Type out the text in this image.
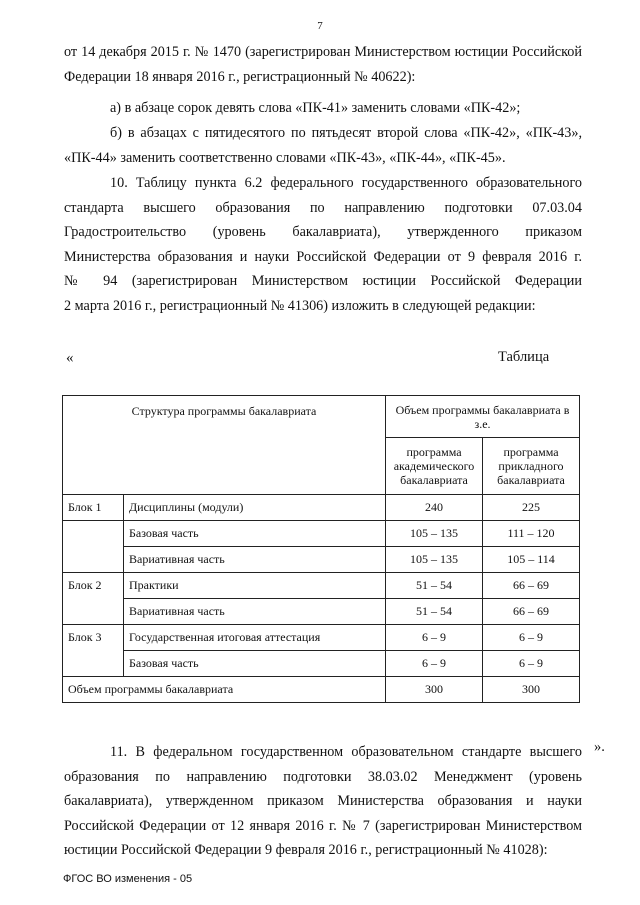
7
от 14 декабря 2015 г. № 1470 (зарегистрирован Министерством юстиции Российской
Федерации 18 января 2016 г., регистрационный № 40622):
а) в абзаце сорок девять слова «ПК-41» заменить словами «ПК-42»;
б) в абзацах с пятидесятого по пятьдесят второй слова «ПК-42», «ПК-43»,
«ПК-44» заменить соответственно словами «ПК-43», «ПК-44», «ПК-45».
10. Таблицу пункта 6.2 федерального государственного образовательного
стандарта высшего образования по направлению подготовки 07.03.04
Градостроительство (уровень бакалавриата), утвержденного приказом
Министерства образования и науки Российской Федерации от 9 февраля 2016 г.
№ 94 (зарегистрирован Министерством юстиции Российской Федерации
2 марта 2016 г., регистрационный № 41306) изложить в следующей редакции:
«	Таблица
Структура программы бакалавриата		Объем программы бакалавриата в з.е.	
		программа академического бакалавриата	программа прикладного бакалавриата
Блок 1	Дисциплины (модули)	240	225
	Базовая часть	105 – 135	111 – 120
	Вариативная часть	105 – 135	105 – 114
Блок 2	Практики	51 – 54	66 – 69
	Вариативная часть	51 – 54	66 – 69
Блок 3	Государственная итоговая аттестация	6 – 9	6 – 9
	Базовая часть	6 – 9	6 – 9
Объем программы бакалавриата		300	300
».
11. В федеральном государственном образовательном стандарте высшего
образования по направлению подготовки 38.03.02 Менеджмент (уровень
бакалавриата), утвержденном приказом Министерства образования и науки
Российской Федерации от 12 января 2016 г. № 7 (зарегистрирован Министерством
юстиции Российской Федерации 9 февраля 2016 г., регистрационный № 41028):
ФГОС ВО изменения - 05
